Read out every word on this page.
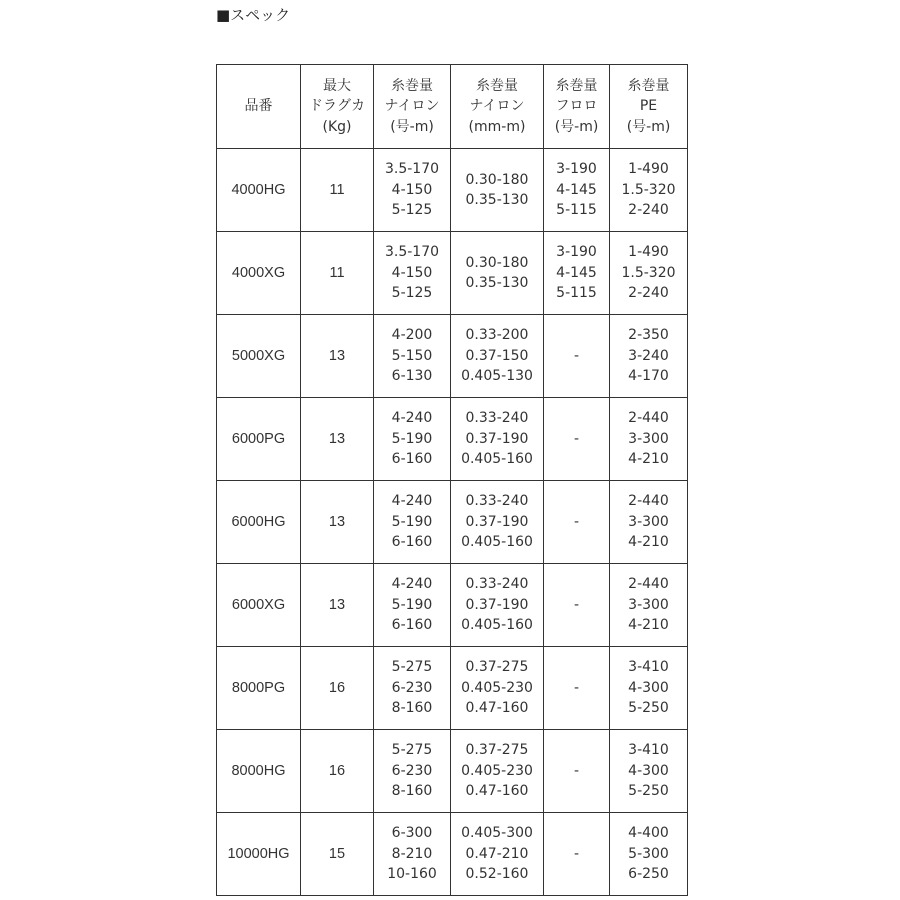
■スペック
品番	最大
ドラグカ
(Kg)	糸巻量
ナイロン
(号-m)	糸巻量
ナイロン
(mm-m)	糸巻量
フロロ
(号-m)	糸巻量
PE
(号-m)

4000HG	11	3.5-170
4-150
5-125	0.30-180
0.35-130	3-190
4-145
5-115	1-490
1.5-320
2-240

4000XG	11	3.5-170
4-150
5-125	0.30-180
0.35-130	3-190
4-145
5-115	1-490
1.5-320
2-240

5000XG	13	4-200
5-150
6-130	0.33-200
0.37-150
0.405-130	-	2-350
3-240
4-170

6000PG	13	4-240
5-190
6-160	0.33-240
0.37-190
0.405-160	-	2-440
3-300
4-210

6000HG	13	4-240
5-190
6-160	0.33-240
0.37-190
0.405-160	-	2-440
3-300
4-210

6000XG	13	4-240
5-190
6-160	0.33-240
0.37-190
0.405-160	-	2-440
3-300
4-210

8000PG	16	5-275
6-230
8-160	0.37-275
0.405-230
0.47-160	-	3-410
4-300
5-250

8000HG	16	5-275
6-230
8-160	0.37-275
0.405-230
0.47-160	-	3-410
4-300
5-250

10000HG	15	6-300
8-210
10-160	0.405-300
0.47-210
0.52-160	-	4-400
5-300
6-250
